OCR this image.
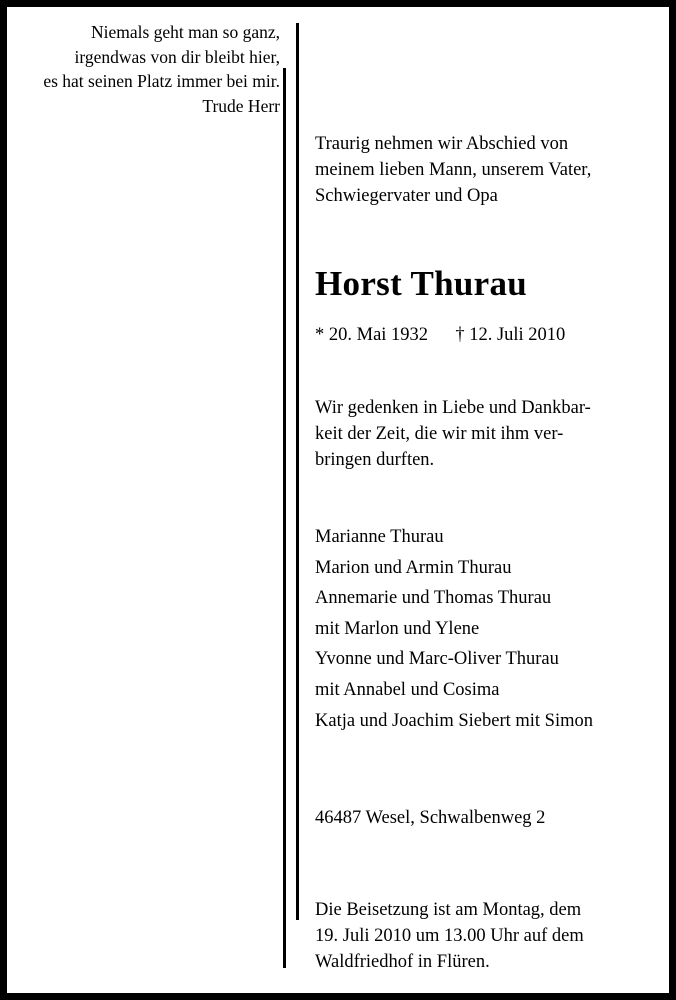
Niemals geht man so ganz,
irgendwas von dir bleibt hier,
es hat seinen Platz immer bei mir.
Trude Herr
Traurig nehmen wir Abschied von
meinem lieben Mann, unserem Vater,
Schwiegervater und Opa
Horst Thurau
* 20. Mai 1932 † 12. Juli 2010
Wir gedenken in Liebe und Dankbar-
keit der Zeit, die wir mit ihm ver-
bringen durften.
Marianne Thurau
Marion und Armin Thurau
Annemarie und Thomas Thurau
mit Marlon und Ylene
Yvonne und Marc-Oliver Thurau
mit Annabel und Cosima
Katja und Joachim Siebert mit Simon
46487 Wesel, Schwalbenweg 2
Die Beisetzung ist am Montag, dem
19. Juli 2010 um 13.00 Uhr auf dem
Waldfriedhof in Flüren.
